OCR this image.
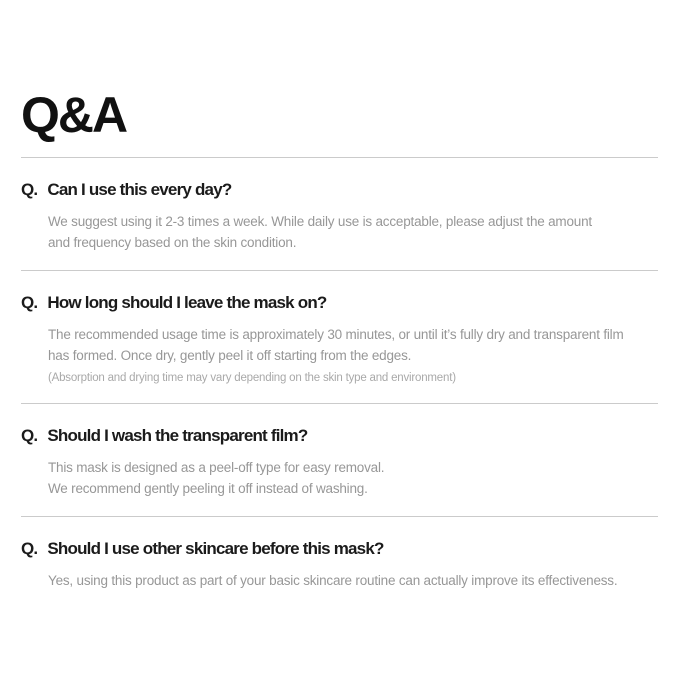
Q&A
Q. Can I use this every day?
We suggest using it 2-3 times a week. While daily use is acceptable, please adjust the amount
and frequency based on the skin condition.
Q. How long should I leave the mask on?
The recommended usage time is approximately 30 minutes, or until it’s fully dry and transparent film
has formed. Once dry, gently peel it off starting from the edges.
(Absorption and drying time may vary depending on the skin type and environment)
Q. Should I wash the transparent film?
This mask is designed as a peel-off type for easy removal.
We recommend gently peeling it off instead of washing.
Q. Should I use other skincare before this mask?
Yes, using this product as part of your basic skincare routine can actually improve its effectiveness.
